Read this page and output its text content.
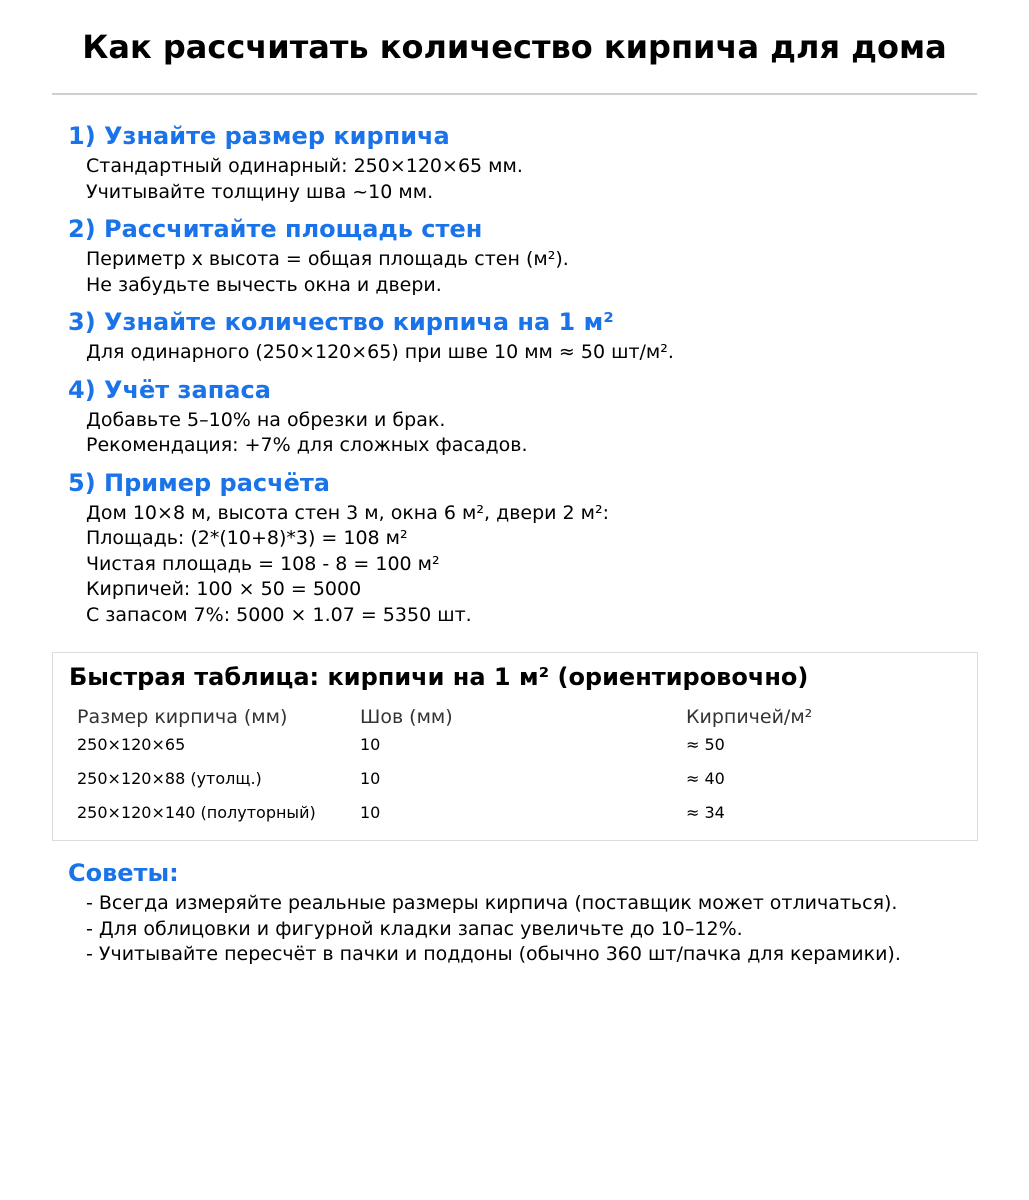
Как рассчитать количество кирпича для дома
1) Узнайте размер кирпича
Стандартный одинарный: 250×120×65 мм.
Учитывайте толщину шва ~10 мм.
2) Рассчитайте площадь стен
Периметр x высота = общая площадь стен (м²).
Не забудьте вычесть окна и двери.
3) Узнайте количество кирпича на 1 м²
Для одинарного (250×120×65) при шве 10 мм ≈ 50 шт/м².
4) Учёт запаса
Добавьте 5–10% на обрезки и брак.
Рекомендация: +7% для сложных фасадов.
5) Пример расчёта
Дом 10×8 м, высота стен 3 м, окна 6 м², двери 2 м²:
Площадь: (2*(10+8)*3) = 108 м²
Чистая площадь = 108 - 8 = 100 м²
Кирпичей: 100 × 50 = 5000
С запасом 7%: 5000 × 1.07 = 5350 шт.
Быстрая таблица: кирпичи на 1 м² (ориентировочно)
Размер кирпича (мм)	Шов (мм)	Кирпичей/м²
250×120×65	10	≈ 50
250×120×88 (утолщ.)	10	≈ 40
250×120×140 (полуторный)	10	≈ 34
Советы:
- Всегда измеряйте реальные размеры кирпича (поставщик может отличаться).
- Для облицовки и фигурной кладки запас увеличьте до 10–12%.
- Учитывайте пересчёт в пачки и поддоны (обычно 360 шт/пачка для керамики).
